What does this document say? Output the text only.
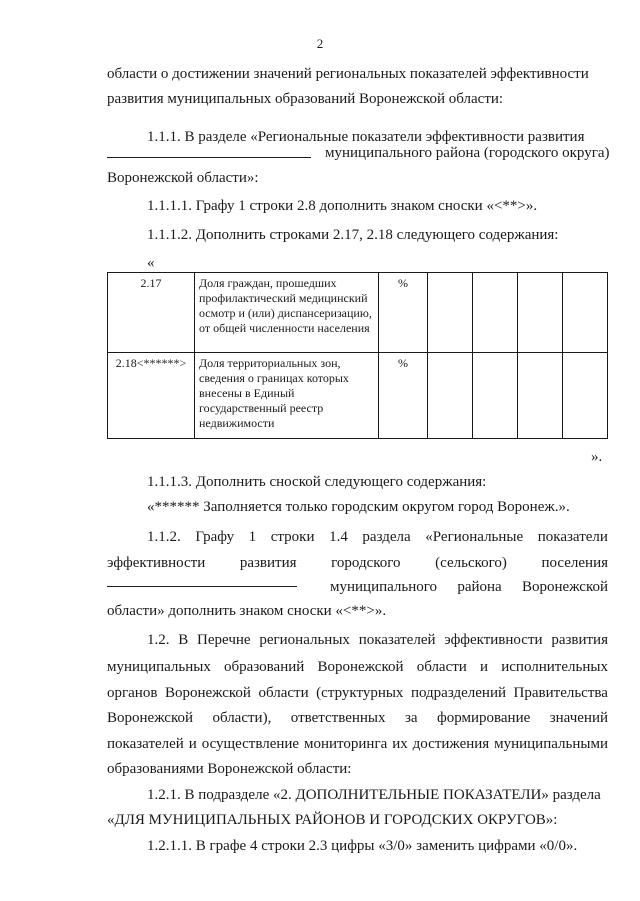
2
области о достижении значений региональных показателей эффективности
развития муниципальных образований Воронежской области:
1.1.1. В разделе «Региональные показатели эффективности развития
муниципального района (городского округа)
Воронежской области»:
1.1.1.1. Графу 1 строки 2.8 дополнить знаком сноски «<**>».
1.1.1.2. Дополнить строками 2.17, 2.18 следующего содержания:
«
2.17	Доля граждан, прошедших профилактический медицинский осмотр и (или) диспансеризацию, от общей численности населения	%				
2.18<******>	Доля территориальных зон, сведения о границах которых внесены в Единый государственный реестр недвижимости	%				
».
1.1.1.3. Дополнить сноской следующего содержания:
«****** Заполняется только городским округом город Воронеж.».
1.1.2. Графу 1 строки 1.4 раздела «Региональные показатели
эффективности развития городского (сельского) поселения
муниципального района Воронежской
области» дополнить знаком сноски «<**>».
1.2. В Перечне региональных показателей эффективности развития
муниципальных образований Воронежской области и исполнительных
органов Воронежской области (структурных подразделений Правительства
Воронежской области), ответственных за формирование значений
показателей и осуществление мониторинга их достижения муниципальными
образованиями Воронежской области:
1.2.1. В подразделе «2. ДОПОЛНИТЕЛЬНЫЕ ПОКАЗАТЕЛИ» раздела
«ДЛЯ МУНИЦИПАЛЬНЫХ РАЙОНОВ И ГОРОДСКИХ ОКРУГОВ»:
1.2.1.1. В графе 4 строки 2.3 цифры «3/0» заменить цифрами «0/0».
